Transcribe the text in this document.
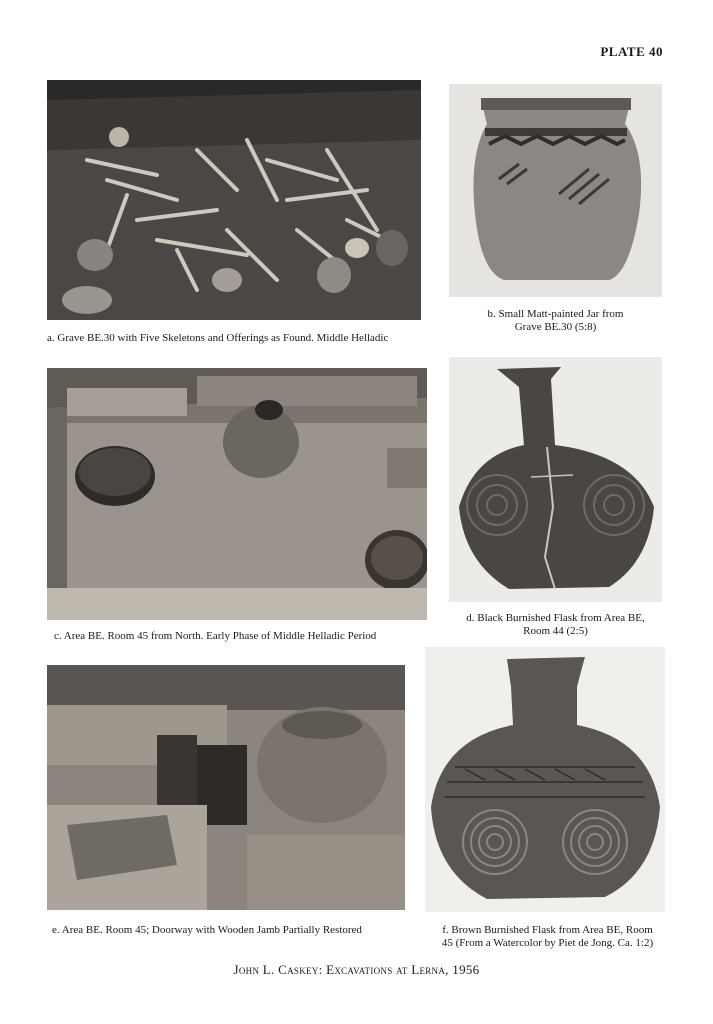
PLATE 40
a. Grave BE.30 with Five Skeletons and Offerings as Found. Middle Helladic
b. Small Matt-painted Jar from
Grave BE.30 (5:8)
c. Area BE. Room 45 from North. Early Phase of Middle Helladic Period
d. Black Burnished Flask from Area BE,
Room 44 (2:5)
e. Area BE. Room 45; Doorway with Wooden Jamb Partially Restored	f. Brown Burnished Flask from Area BE, Room
45 (From a Watercolor by Piet de Jong. Ca. 1:2)
John L. Caskey: Excavations at Lerna, 1956
